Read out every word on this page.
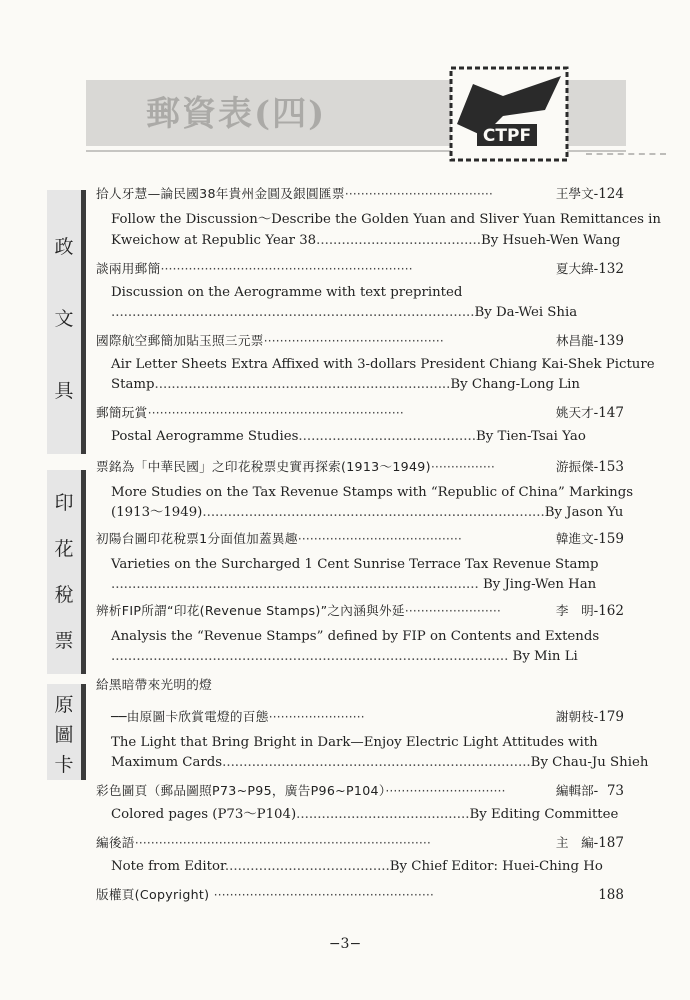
郵資表(四)
CTPF
政
文
具
印
花
稅
票
原
圖
卡
拾人牙慧—論民國38年貴州金圓及銀圓匯票·····································	王學文-124
Follow the Discussion～Describe the Golden Yuan and Sliver Yuan Remittances in
Kweichow at Republic Year 38.......................................By Hsueh-Wen Wang
談兩用郵簡·······························································	夏大緯-132
Discussion on the Aerogramme with text preprinted
......................................................................................By Da-Wei Shia
國際航空郵簡加貼玉照三元票·············································	林昌龍-139
Air Letter Sheets Extra Affixed with 3-dollars President Chiang Kai-Shek Picture
Stamp......................................................................By Chang-Long Lin
郵簡玩賞································································	姚天才-147
Postal Aerogramme Studies..........................................By Tien-Tsai Yao
票銘為「中華民國」之印花稅票史實再探索(1913～1949)················	游振傑-153
More Studies on the Tax Revenue Stamps with “Republic of China” Markings
(1913～1949).................................................................................By Jason Yu
初陽台圖印花稅票1分面值加蓋異趣·········································	韓進文-159
Varieties on the Surcharged 1 Cent Sunrise Terrace Tax Revenue Stamp
....................................................................................... By Jing-Wen Han
辨析FIP所謂“印花(Revenue Stamps)”之內涵與外延························	李　明-162
Analysis the “Revenue Stamps” defined by FIP on Contents and Extends
.............................................................................................. By Min Li
給黑暗帶來光明的燈
──由原圖卡欣賞電燈的百態························	謝朝枝-179
The Light that Bring Bright in Dark—Enjoy Electric Light Attitudes with
Maximum Cards.........................................................................By Chau-Ju Shieh
彩色圖頁（郵品圖照P73~P95，廣告P96~P104）······························	編輯部-  73
Colored pages (P73～P104).........................................By Editing Committee
編後語··········································································	主　編-187
Note from Editor.......................................By Chief Editor: Huei-Ching Ho
版權頁(Copyright) ·······················································	188
−3−
